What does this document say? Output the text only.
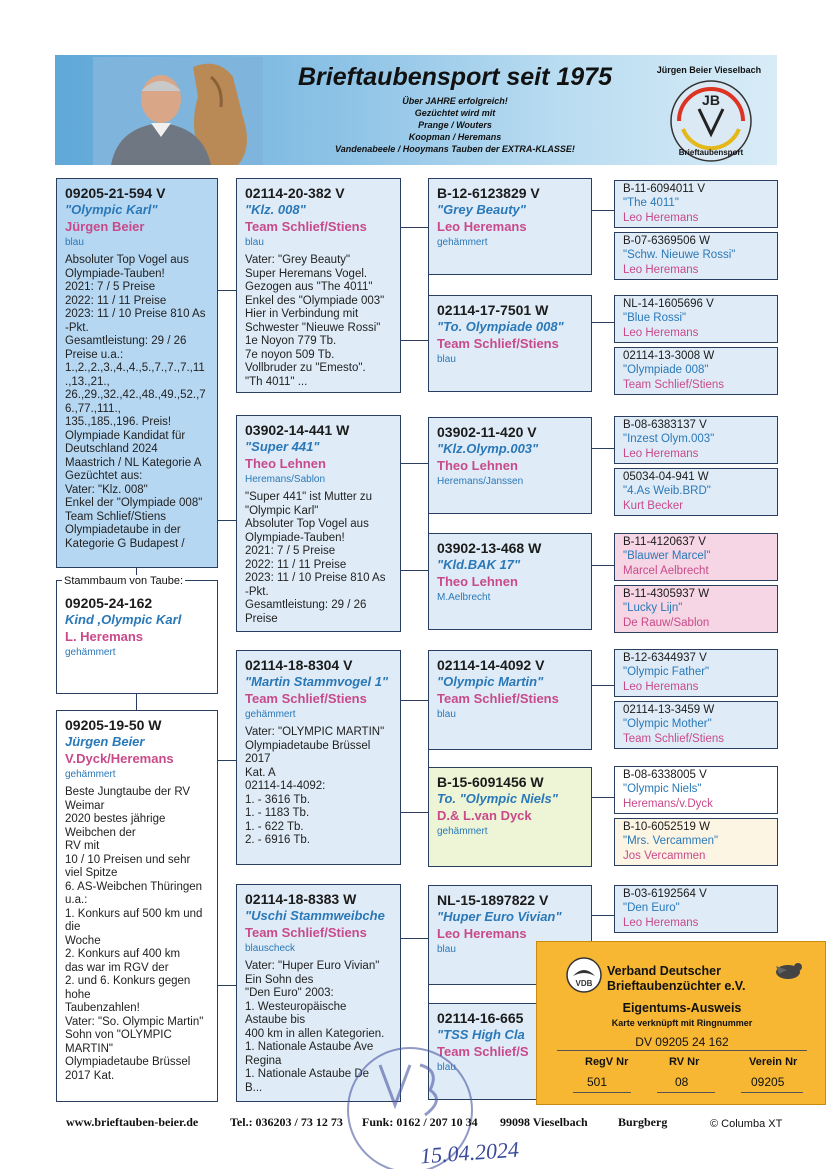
Brieftaubensport seit 1975
Über JAHRE erfolgreich!
Gezüchtet wird mit
Prange / Wouters
Koopman / Heremans
Vandenabeele / Hooymans Tauben der EXTRA-KLASSE!
Jürgen Beier Vieselbach
JB
Brieftaubensport
09205-21-594 V
"Olympic Karl"
Jürgen Beier
blau
Absoluter Top Vogel aus
Olympiade-Tauben!
2021: 7 / 5 Preise
2022: 11 / 11 Preise
2023: 11 / 10 Preise 810 As
-Pkt.
Gesamtleistung: 29 / 26
Preise u.a.:
1.,2.,2.,3.,4.,4.,5.,7.,7.,7.,11
.,13.,21.,
26.,29.,32.,42.,48.,49.,52.,7
6.,77.,111.,
135.,185.,196. Preis!
Olympiade Kandidat für
Deutschland 2024
Maastrich / NL Kategorie A
Gezüchtet aus:
Vater: "Klz. 008"
Enkel der "Olympiade 008"
Team Schlief/Stiens
Olympiadetaube in der
Kategorie G Budapest /
09205-24-162
Kind ,Olympic Karl
L. Heremans
gehämmert
Stammbaum von Taube:
09205-19-50 W
Jürgen Beier
V.Dyck/Heremans
gehämmert
Beste Jungtaube der RV
Weimar
2020 bestes jährige
Weibchen der
RV mit
10 / 10 Preisen und sehr
viel Spitze
6. AS-Weibchen Thüringen
u.a.:
1. Konkurs auf 500 km und
die
Woche
2. Konkurs auf 400 km
das war im RGV der
2. und 6. Konkurs gegen
hohe
Taubenzahlen!
Vater: "So. Olympic Martin"
Sohn von "OLYMPIC
MARTIN"
Olympiadetaube Brüssel
2017 Kat.
02114-20-382 V
"Klz. 008"
Team Schlief/Stiens
blau
Vater: "Grey Beauty"
Super Heremans Vogel.
Gezogen aus "The 4011"
Enkel des "Olympiade 003"
Hier in Verbindung mit
Schwester "Nieuwe Rossi"
1e Noyon 779 Tb.
7e noyon 509 Tb.
Vollbruder zu "Emesto".
"Th 4011" ...
03902-14-441 W
"Super 441"
Theo Lehnen
Heremans/Sablon
"Super 441" ist Mutter zu
"Olympic Karl"
Absoluter Top Vogel aus
Olympiade-Tauben!
2021: 7 / 5 Preise
2022: 11 / 11 Preise
2023: 11 / 10 Preise 810 As
-Pkt.
Gesamtleistung: 29 / 26
Preise
02114-18-8304 V
"Martin Stammvogel 1"
Team Schlief/Stiens
gehämmert
Vater: "OLYMPIC MARTIN"
Olympiadetaube Brüssel
2017
Kat. A
02114-14-4092:
1. - 3616 Tb.
1. - 1183 Tb.
1. - 622 Tb.
2. - 6916 Tb.
02114-18-8383 W
"Uschi Stammweibche
Team Schlief/Stiens
blauscheck
Vater: "Huper Euro Vivian"
Ein Sohn des
"Den Euro" 2003:
1. Westeuropäische
Astaube bis
400 km in allen Kategorien.
1. Nationale Astaube Ave
Regina
1. Nationale Astaube De
B...
B-12-6123829 V
"Grey Beauty"
Leo Heremans
gehämmert
02114-17-7501 W
"To. Olympiade 008"
Team Schlief/Stiens
blau
03902-11-420 V
"Klz.Olymp.003"
Theo Lehnen
Heremans/Janssen
03902-13-468 W
"Kld.BAK 17"
Theo Lehnen
M.Aelbrecht
02114-14-4092 V
"Olympic Martin"
Team Schlief/Stiens
blau
B-15-6091456 W
To. "Olympic Niels"
D.& L.van Dyck
gehämmert
NL-15-1897822 V
"Huper Euro Vivian"
Leo Heremans
blau
02114-16-665
"TSS High Cla
Team Schlief/S
blau
B-11-6094011 V
"The 4011"
Leo Heremans
B-07-6369506 W
"Schw. Nieuwe Rossi"
Leo Heremans
NL-14-1605696 V
"Blue Rossi"
Leo Heremans
02114-13-3008 W
"Olympiade 008"
Team Schlief/Stiens
B-08-6383137 V
"Inzest Olym.003"
Leo Heremans
05034-04-941 W
"4.As Weib.BRD"
Kurt Becker
B-11-4120637 V
"Blauwer Marcel"
Marcel Aelbrecht
B-11-4305937 W
"Lucky Lijn"
De Rauw/Sablon
B-12-6344937 V
"Olympic Father"
Leo Heremans
02114-13-3459 W
"Olympic Mother"
Team Schlief/Stiens
B-08-6338005 V
"Olympic Niels"
Heremans/v.Dyck
B-10-6052519 W
"Mrs. Vercammen"
Jos Vercammen
B-03-6192564 V
"Den Euro"
Leo Heremans
VDB
Verband Deutscher
Brieftaubenzüchter e.V.
Eigentums-Ausweis
Karte verknüpft mit Ringnummer
DV 09205 24 162
RegV Nr	RV Nr	Verein Nr
501	08	09205
www.brieftauben-beier.de	Tel.: 036203 / 73 12 73 Funk: 0162 / 207 10 34 99098 Vieselbach	Burgberg	© Columba XT
15.04.2024
